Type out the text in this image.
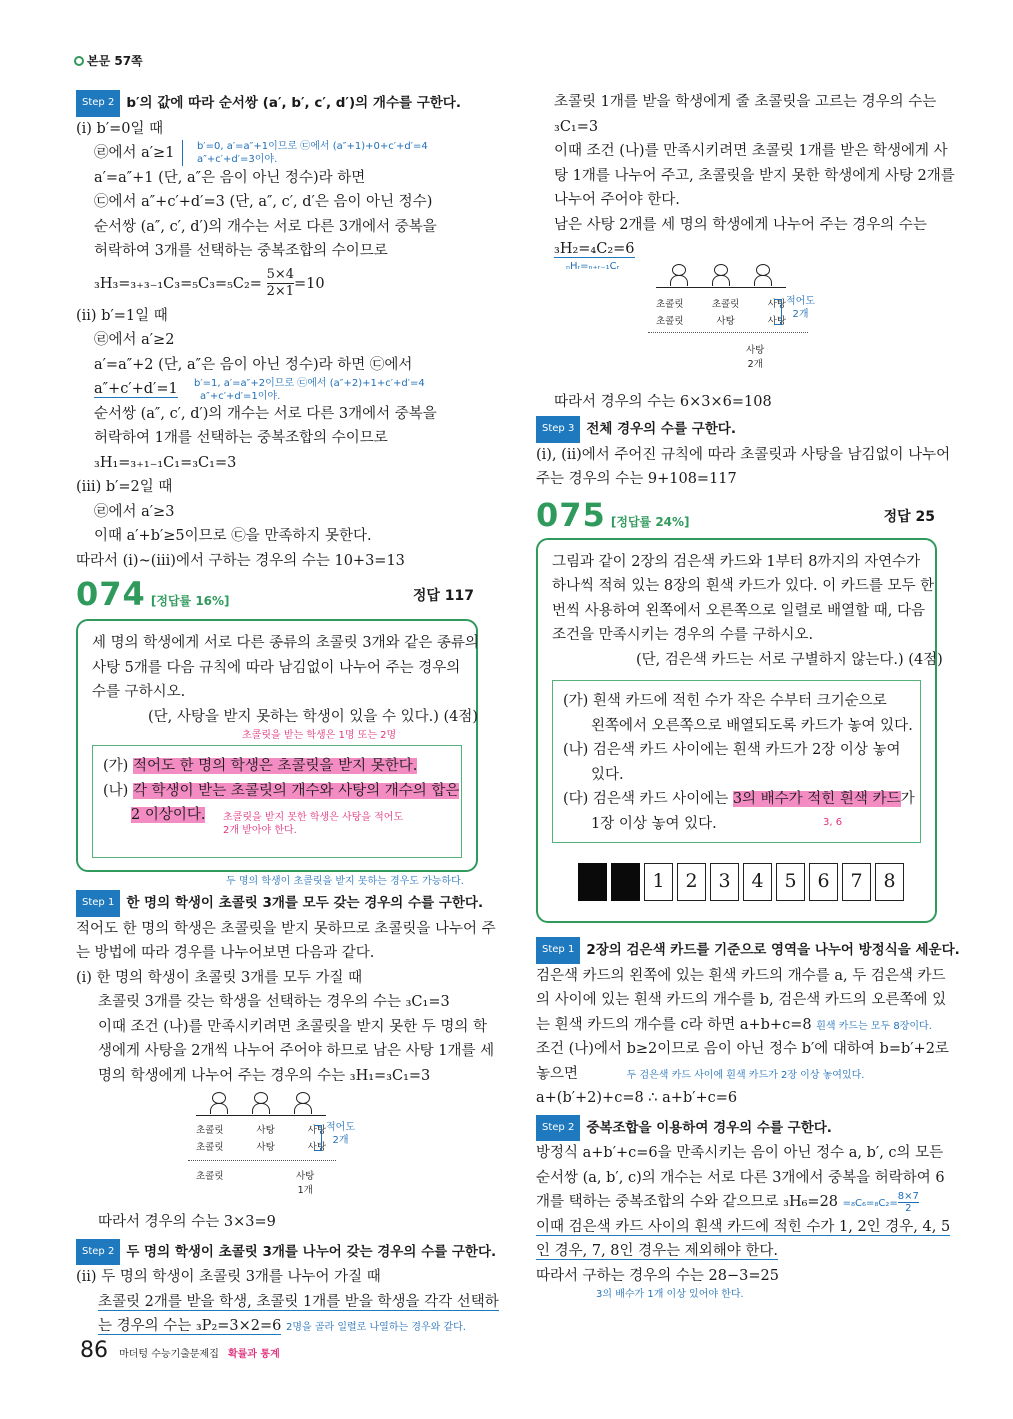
본문 57쪽
Step 2 b′의 값에 따라 순서쌍 (a′, b′, c′, d′)의 개수를 구한다.
(ⅰ) b′=0일 때
㉣에서 a′≥1 b′=0, a′=a″+1이므로 ㉢에서 (a″+1)+0+c′+d′=4
a″+c′+d′=3이야.
a′=a″+1 (단, a″은 음이 아닌 정수)라 하면
㉢에서 a″+c′+d′=3 (단, a″, c′, d′은 음이 아닌 정수)
순서쌍 (a″, c′, d′)의 개수는 서로 다른 3개에서 중복을
허락하여 3개를 선택하는 중복조합의 수이므로
$_3H_3=_{3+3-1}C_3=_5C_3=_5C_2= \frac{5\times 4}{2\times 1} =10$
(ⅱ) b′=1일 때
㉣에서 a′≥2
a′=a″+2 (단, a″은 음이 아닌 정수)라 하면 ㉢에서
a″+c′+d′=1 b′=1, a′=a″+2이므로 ㉢에서 (a″+2)+1+c′+d′=4
a″+c′+d′=1이야.
순서쌍 (a″, c′, d′)의 개수는 서로 다른 3개에서 중복을
허락하여 1개를 선택하는 중복조합의 수이므로
₃H₁=₃₊₁₋₁C₁=₃C₁=3
(ⅲ) b′=2일 때
㉣에서 a′≥3
이때 a′+b′≥5이므로 ㉢을 만족하지 못한다.
따라서 (ⅰ)~(ⅲ)에서 구하는 경우의 수는 10+3=13
074 [정답률 16%]	정답 117
세 명의 학생에게 서로 다른 종류의 초콜릿 3개와 같은 종류의
사탕 5개를 다음 규칙에 따라 남김없이 나누어 주는 경우의
수를 구하시오.
(단, 사탕을 받지 못하는 학생이 있을 수 있다.) (4점)
초콜릿을 받는 학생은 1명 또는 2명
(가) 적어도 한 명의 학생은 초콜릿을 받지 못한다.
(나) 각 학생이 받는 초콜릿의 개수와 사탕의 개수의 합은
2 이상이다. 초콜릿을 받지 못한 학생은 사탕을 적어도
2개 받아야 한다.
두 명의 학생이 초콜릿을 받지 못하는 경우도 가능하다.
Step 1 한 명의 학생이 초콜릿 3개를 모두 갖는 경우의 수를 구한다.
적어도 한 명의 학생은 초콜릿을 받지 못하므로 초콜릿을 나누어 주
는 방법에 따라 경우를 나누어보면 다음과 같다.
(ⅰ) 한 명의 학생이 초콜릿 3개를 모두 가질 때
초콜릿 3개를 갖는 학생을 선택하는 경우의 수는 ₃C₁=3
이때 조건 (나)를 만족시키려면 초콜릿을 받지 못한 두 명의 학
생에게 사탕을 2개씩 나누어 주어야 하므로 남은 사탕 1개를 세
명의 학생에게 나누어 주는 경우의 수는 ₃H₁=₃C₁=3
초콜릿	사탕	사탕
초콜릿	사탕	사탕
적어도
2개
초콜릿	사탕
1개
따라서 경우의 수는 3×3=9
Step 2 두 명의 학생이 초콜릿 3개를 나누어 갖는 경우의 수를 구한다.
(ⅱ) 두 명의 학생이 초콜릿 3개를 나누어 가질 때
초콜릿 2개를 받을 학생, 초콜릿 1개를 받을 학생을 각각 선택하
는 경우의 수는 ₃P₂=3×2=6 2명을 골라 일렬로 나열하는 경우와 같다.
초콜릿 1개를 받을 학생에게 줄 초콜릿을 고르는 경우의 수는
₃C₁=3
이때 조건 (나)를 만족시키려면 초콜릿 1개를 받은 학생에게 사
탕 1개를 나누어 주고, 초콜릿을 받지 못한 학생에게 사탕 2개를
나누어 주어야 한다.
남은 사탕 2개를 세 명의 학생에게 나누어 주는 경우의 수는
₃H₂=₄C₂=6
ₙHᵣ=ₙ₊ᵣ₋₁Cᵣ
초콜릿	초콜릿	사탕
초콜릿	사탕	사탕
적어도
2개
사탕
2개
따라서 경우의 수는 6×3×6=108
Step 3 전체 경우의 수를 구한다.
(ⅰ), (ⅱ)에서 주어진 규칙에 따라 초콜릿과 사탕을 남김없이 나누어
주는 경우의 수는 9+108=117
075 [정답률 24%]	정답 25
그림과 같이 2장의 검은색 카드와 1부터 8까지의 자연수가
하나씩 적혀 있는 8장의 흰색 카드가 있다. 이 카드를 모두 한
번씩 사용하여 왼쪽에서 오른쪽으로 일렬로 배열할 때, 다음
조건을 만족시키는 경우의 수를 구하시오.
(단, 검은색 카드는 서로 구별하지 않는다.) (4점)
(가) 흰색 카드에 적힌 수가 작은 수부터 크기순으로
왼쪽에서 오른쪽으로 배열되도록 카드가 놓여 있다.
(나) 검은색 카드 사이에는 흰색 카드가 2장 이상 놓여
있다.
(다) 검은색 카드 사이에는 3의 배수가 적힌 흰색 카드가
1장 이상 놓여 있다.	3, 6
1 2 3 4 5 6 7 8
Step 1 2장의 검은색 카드를 기준으로 영역을 나누어 방정식을 세운다.
검은색 카드의 왼쪽에 있는 흰색 카드의 개수를 a, 두 검은색 카드
의 사이에 있는 흰색 카드의 개수를 b, 검은색 카드의 오른쪽에 있
는 흰색 카드의 개수를 c라 하면 a+b+c=8 흰색 카드는 모두 8장이다.
조건 (나)에서 b≥2이므로 음이 아닌 정수 b′에 대하여 b=b′+2로
놓으면	두 검은색 카드 사이에 흰색 카드가 2장 이상 놓여있다.
a+(b′+2)+c=8 ∴ a+b′+c=6
Step 2 중복조합을 이용하여 경우의 수를 구한다.
방정식 a+b′+c=6을 만족시키는 음이 아닌 정수 a, b′, c의 모든
순서쌍 (a, b′, c)의 개수는 서로 다른 3개에서 중복을 허락하여 6
개를 택하는 중복조합의 수와 같으므로 $_3H_6=28 =_8C_6=_8C_2= \frac{8\times 7}{2}$
이때 검은색 카드 사이의 흰색 카드에 적힌 수가 1, 2인 경우, 4, 5
인 경우, 7, 8인 경우는 제외해야 한다.
따라서 구하는 경우의 수는 28−3=25
3의 배수가 1개 이상 있어야 한다.
86 마더텅 수능기출문제집 확률과 통계
